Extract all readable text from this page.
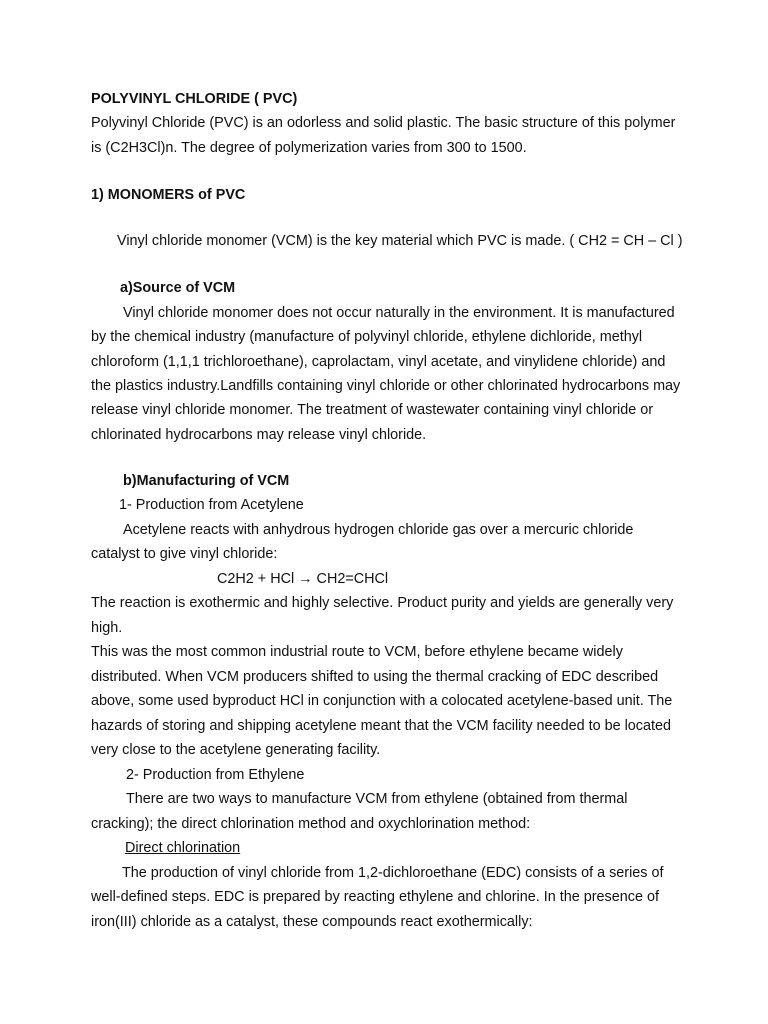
POLYVINYL CHLORIDE ( PVC)
Polyvinyl Chloride (PVC) is an odorless and solid plastic. The basic structure of this polymer
is (C2H3Cl)n. The degree of polymerization varies from 300 to 1500.
1) MONOMERS of PVC
Vinyl chloride monomer (VCM) is the key material which PVC is made. ( CH2 = CH – Cl )
a)Source of VCM
Vinyl chloride monomer does not occur naturally in the environment. It is manufactured
by the chemical industry (manufacture of polyvinyl chloride, ethylene dichloride, methyl
chloroform (1,1,1 trichloroethane), caprolactam, vinyl acetate, and vinylidene chloride) and
the plastics industry.Landfills containing vinyl chloride or other chlorinated hydrocarbons may
release vinyl chloride monomer. The treatment of wastewater containing vinyl chloride or
chlorinated hydrocarbons may release vinyl chloride.
b)Manufacturing of VCM
1- Production from Acetylene
Acetylene reacts with anhydrous hydrogen chloride gas over a mercuric chloride
catalyst to give vinyl chloride:
C2H2 + HCl → CH2=CHCl
The reaction is exothermic and highly selective. Product purity and yields are generally very
high.
This was the most common industrial route to VCM, before ethylene became widely
distributed. When VCM producers shifted to using the thermal cracking of EDC described
above, some used byproduct HCl in conjunction with a colocated acetylene-based unit. The
hazards of storing and shipping acetylene meant that the VCM facility needed to be located
very close to the acetylene generating facility.
2- Production from Ethylene
There are two ways to manufacture VCM from ethylene (obtained from thermal
cracking); the direct chlorination method and oxychlorination method:
Direct chlorination
The production of vinyl chloride from 1,2-dichloroethane (EDC) consists of a series of
well-defined steps. EDC is prepared by reacting ethylene and chlorine. In the presence of
iron(III) chloride as a catalyst, these compounds react exothermically:
